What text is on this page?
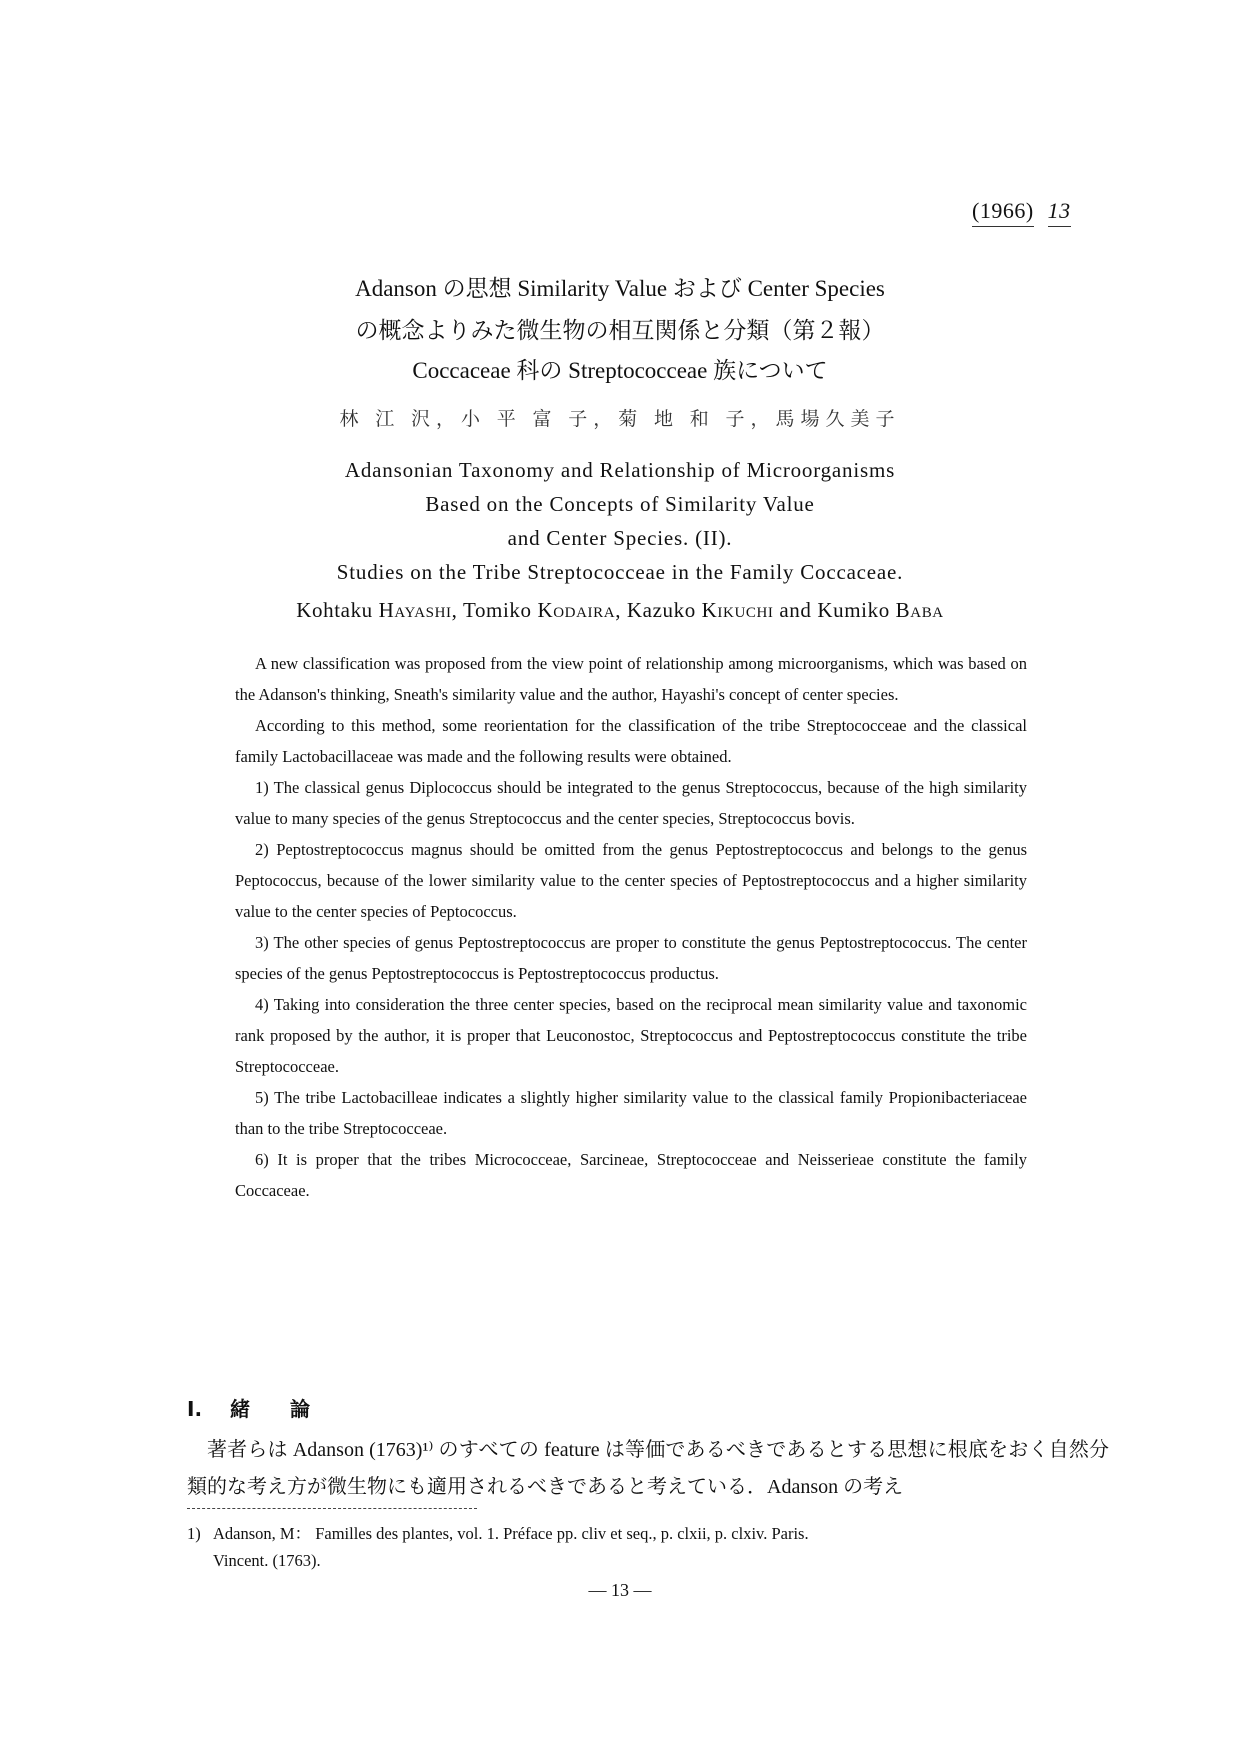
(1966) 13
Adanson の思想 Similarity Value および Center Species
の概念よりみた微生物の相互関係と分類（第２報）
Coccaceae 科の Streptococceae 族について
林 江 沢，小 平 富 子，菊 地 和 子，馬場久美子
Adansonian Taxonomy and Relationship of Microorganisms
Based on the Concepts of Similarity Value
and Center Species. (II).
Studies on the Tribe Streptococceae in the Family Coccaceae.
Kohtaku Hayashi, Tomiko Kodaira, Kazuko Kikuchi and Kumiko Baba

A new classification was proposed from the view point of relationship among microorganisms, which was based on the Adanson's thinking, Sneath's similarity value and the author, Hayashi's concept of center species.

According to this method, some reorientation for the classification of the tribe Streptococceae and the classical family Lactobacillaceae was made and the following results were obtained.

1) The classical genus Diplococcus should be integrated to the genus Streptococcus, because of the high similarity value to many species of the genus Streptococcus and the center species, Streptococcus bovis.

2) Peptostreptococcus magnus should be omitted from the genus Peptostreptococcus and belongs to the genus Peptococcus, because of the lower similarity value to the center species of Peptostreptococcus and a higher similarity value to the center species of Peptococcus.

3) The other species of genus Peptostreptococcus are proper to constitute the genus Peptostreptococcus. The center species of the genus Peptostreptococcus is Peptostreptococcus productus.

4) Taking into consideration the three center species, based on the reciprocal mean similarity value and taxonomic rank proposed by the author, it is proper that Leuconostoc, Streptococcus and Peptostreptococcus constitute the tribe Streptococceae.

5) The tribe Lactobacilleae indicates a slightly higher similarity value to the classical family Propionibacteriaceae than to the tribe Streptococceae.

6) It is proper that the tribes Micrococceae, Sarcineae, Streptococceae and Neisserieae constitute the family Coccaceae.

I. 緒論

著者らは Adanson (1763)¹⁾ のすべての feature は等価であるべきであるとする思想に根底をおく自然分類的な考え方が微生物にも適用されるべきであると考えている．Adanson の考え

1) Adanson, M： Familles des plantes, vol. 1. Préface pp. cliv et seq., p. clxii, p. clxiv. Paris.
Vincent. (1763).
— 13 —
